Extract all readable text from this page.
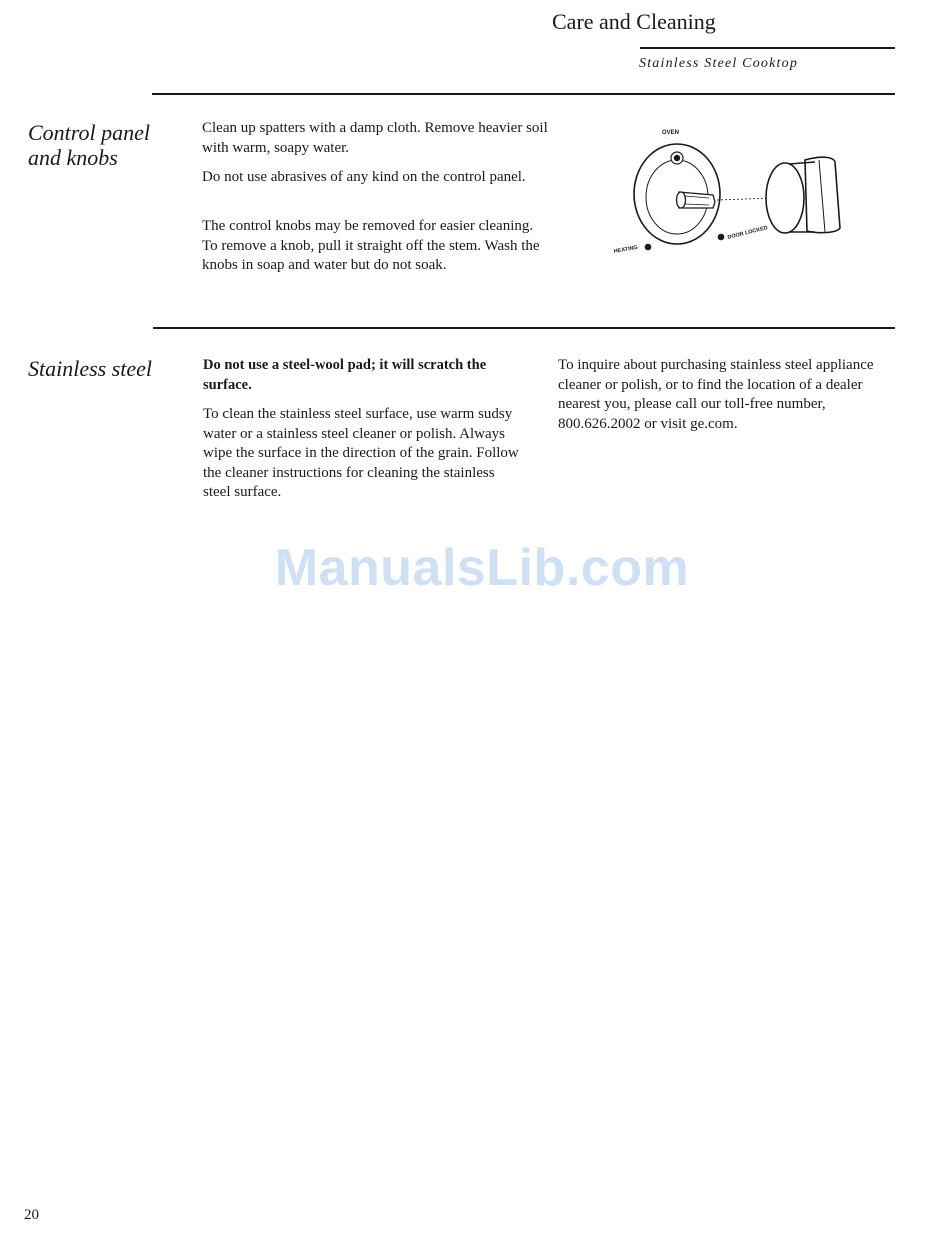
Care and Cleaning
Stainless Steel Cooktop
Control panel and knobs

Clean up spatters with a damp cloth. Remove heavier soil with warm, soapy water.

Do not use abrasives of any kind on the control panel.

The control knobs may be removed for easier cleaning. To remove a knob, pull it straight off the stem. Wash the knobs in soap and water but do not soak.

OVEN
HEATING
DOOR LOCKED
Stainless steel	Do not use a steel-wool pad; it will scratch the surface.

To clean the stainless steel surface, use warm sudsy water or a stainless steel cleaner or polish. Always wipe the surface in the direction of the grain. Follow the cleaner instructions for cleaning the stainless steel surface.

To inquire about purchasing stainless steel appliance cleaner or polish, or to find the location of a dealer nearest you, please call our toll-free number, 800.626.2002 or visit ge.com.

ManualsLib.com
20
